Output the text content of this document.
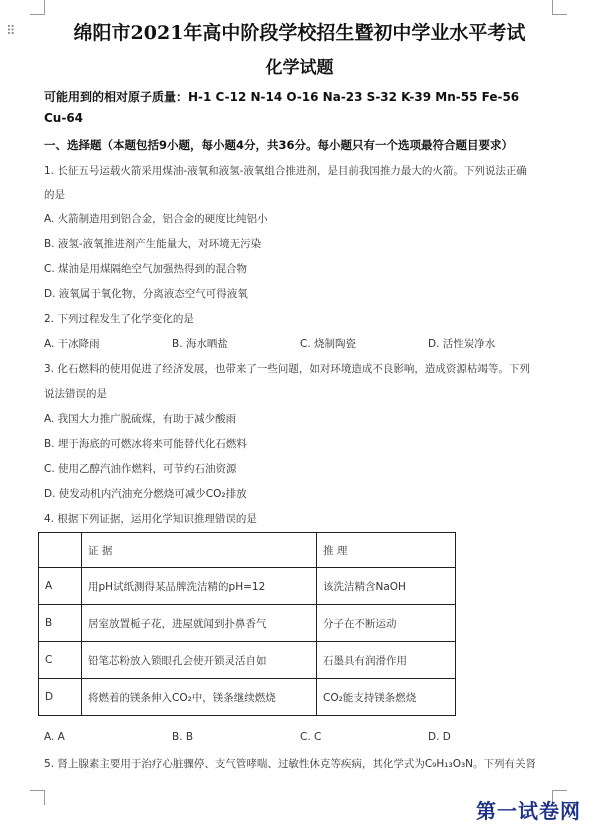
⠿	绵阳市2021年高中阶段学校招生暨初中学业水平考试
化学试题
可能用到的相对原子质量：H-1 C-12 N-14 O-16 Na-23 S-32 K-39 Mn-55 Fe-56
Cu-64
一、选择题（本题包括9小题，每小题4分，共36分。每小题只有一个选项最符合题目要求）
1. 长征五号运载火箭采用煤油-液氧和液氢-液氧组合推进剂，是目前我国推力最大的火箭。下列说法正确
的是
A. 火箭制造用到铝合金，铝合金的硬度比纯铝小
B. 液氢-液氧推进剂产生能量大，对环境无污染
C. 煤油是用煤隔绝空气加强热得到的混合物
D. 液氧属于氧化物，分离液态空气可得液氧
2. 下列过程发生了化学变化的是
A. 干冰降雨	B. 海水晒盐	C. 烧制陶瓷	D. 活性炭净水
3. 化石燃料的使用促进了经济发展，也带来了一些问题，如对环境造成不良影响，造成资源枯竭等。下列
说法错误的是
A. 我国大力推广脱硫煤，有助于减少酸雨
B. 埋于海底的可燃冰将来可能替代化石燃料
C. 使用乙醇汽油作燃料，可节约石油资源
D. 使发动机内汽油充分燃烧可减少CO₂排放
4. 根据下列证据，运用化学知识推理错误的是
	证 据	推 理
A	用pH试纸测得某品牌洗洁精的pH=12	该洗洁精含NaOH
B	居室放置栀子花，进屋就闻到扑鼻香气	分子在不断运动
C	铅笔芯粉放入锁眼孔会使开锁灵活自如	石墨具有润滑作用
D	将燃着的镁条伸入CO₂中，镁条继续燃烧	CO₂能支持镁条燃烧
A. A	B. B	C. C	D. D
5. 肾上腺素主要用于治疗心脏骤停、支气管哮喘、过敏性休克等疾病，其化学式为C₉H₁₃O₃N。下列有关肾
第一试卷网
